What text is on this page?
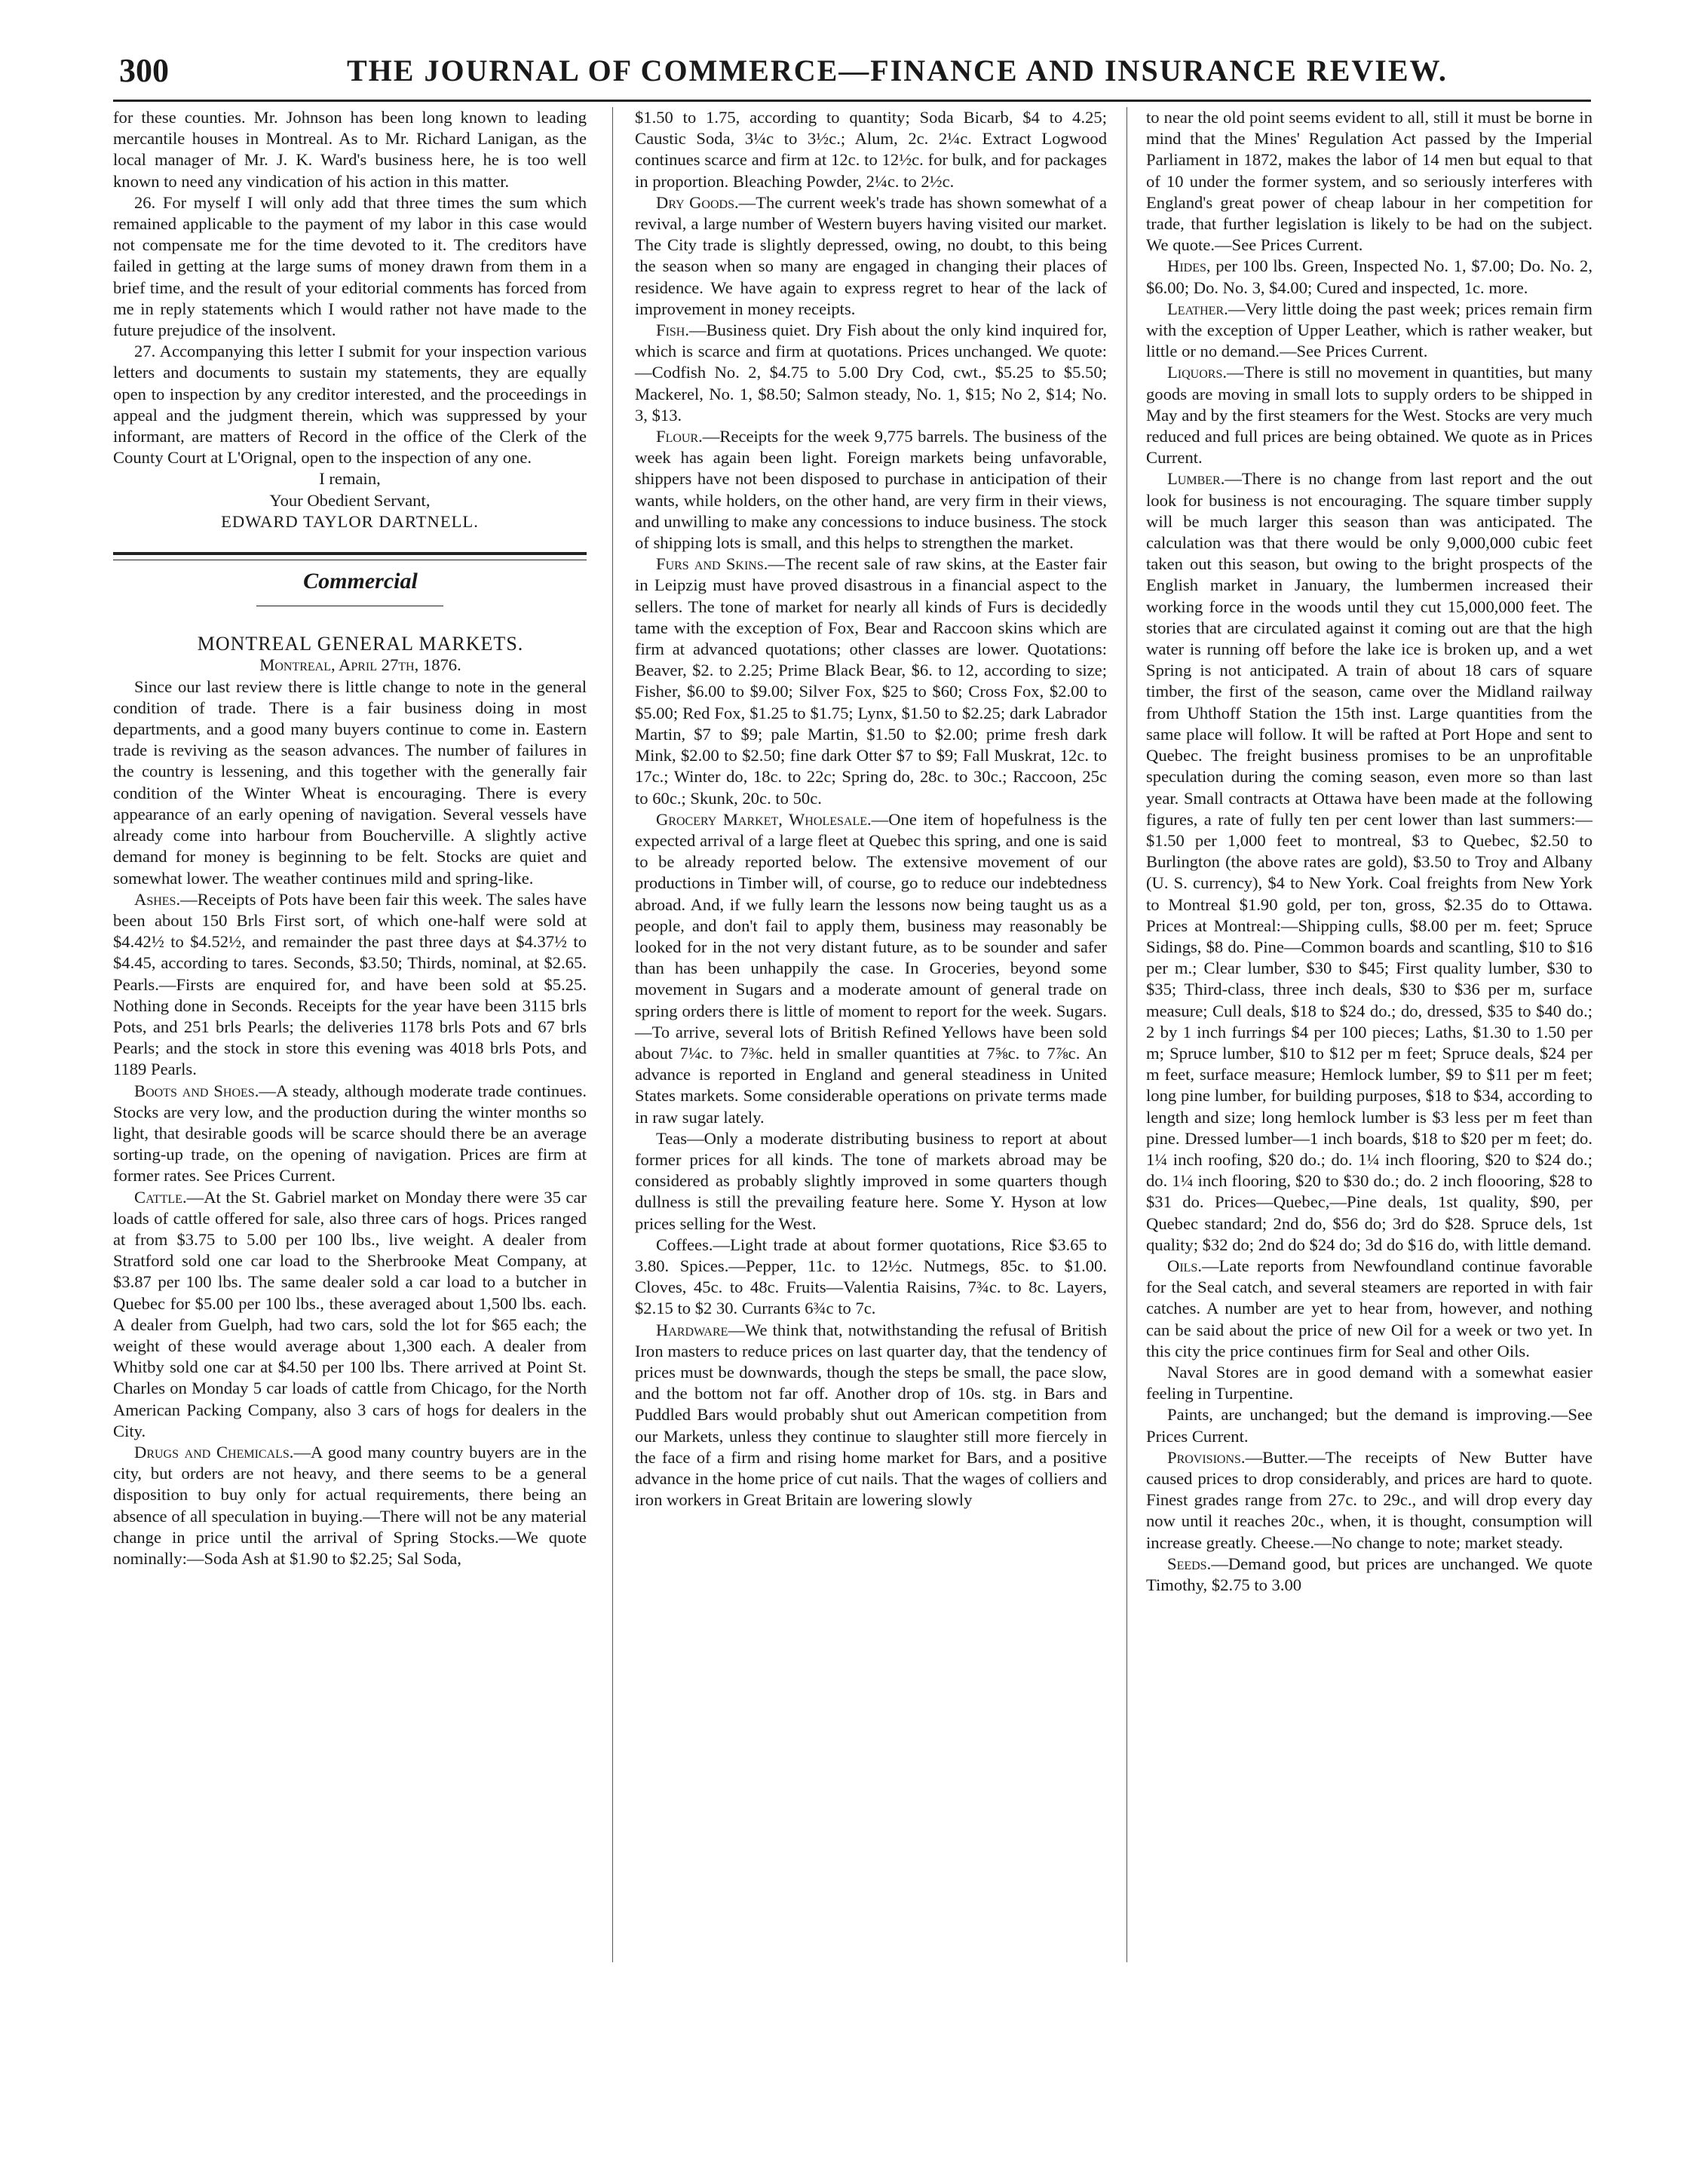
300	THE JOURNAL OF COMMERCE—FINANCE AND INSURANCE REVIEW.

for these counties. Mr. Johnson has been long known to leading mercantile houses in Montreal. As to Mr. Richard Lanigan, as the local manager of Mr. J. K. Ward's business here, he is too well known to need any vindication of his action in this matter.

26. For myself I will only add that three times the sum which remained applicable to the payment of my labor in this case would not compensate me for the time devoted to it. The creditors have failed in getting at the large sums of money drawn from them in a brief time, and the result of your editorial comments has forced from me in reply statements which I would rather not have made to the future prejudice of the insolvent.

27. Accompanying this letter I submit for your inspection various letters and documents to sustain my statements, they are equally open to inspection by any creditor interested, and the proceedings in appeal and the judgment therein, which was suppressed by your informant, are matters of Record in the office of the Clerk of the County Court at L'Orignal, open to the inspection of any one.

I remain,

Your Obedient Servant,

EDWARD TAYLOR DARTNELL.

Commercial

MONTREAL GENERAL MARKETS.

Montreal, April 27th, 1876.

Since our last review there is little change to note in the general condition of trade. There is a fair business doing in most departments, and a good many buyers continue to come in. Eastern trade is reviving as the season advances. The number of failures in the country is lessening, and this together with the generally fair condition of the Winter Wheat is encouraging. There is every appearance of an early opening of navigation. Several vessels have already come into harbour from Boucherville. A slightly active demand for money is beginning to be felt. Stocks are quiet and somewhat lower. The weather continues mild and spring-like.

Ashes.—Receipts of Pots have been fair this week. The sales have been about 150 Brls First sort, of which one-half were sold at $4.42½ to $4.52½, and remainder the past three days at $4.37½ to $4.45, according to tares. Seconds, $3.50; Thirds, nominal, at $2.65. Pearls.—Firsts are enquired for, and have been sold at $5.25. Nothing done in Seconds. Receipts for the year have been 3115 brls Pots, and 251 brls Pearls; the deliveries 1178 brls Pots and 67 brls Pearls; and the stock in store this evening was 4018 brls Pots, and 1189 Pearls.

Boots and Shoes.—A steady, although moderate trade continues. Stocks are very low, and the production during the winter months so light, that desirable goods will be scarce should there be an average sorting-up trade, on the opening of navigation. Prices are firm at former rates. See Prices Current.

Cattle.—At the St. Gabriel market on Monday there were 35 car loads of cattle offered for sale, also three cars of hogs. Prices ranged at from $3.75 to 5.00 per 100 lbs., live weight. A dealer from Stratford sold one car load to the Sherbrooke Meat Company, at $3.87 per 100 lbs. The same dealer sold a car load to a butcher in Quebec for $5.00 per 100 lbs., these averaged about 1,500 lbs. each. A dealer from Guelph, had two cars, sold the lot for $65 each; the weight of these would average about 1,300 each. A dealer from Whitby sold one car at $4.50 per 100 lbs. There arrived at Point St. Charles on Monday 5 car loads of cattle from Chicago, for the North American Packing Company, also 3 cars of hogs for dealers in the City.

Drugs and Chemicals.—A good many country buyers are in the city, but orders are not heavy, and there seems to be a general disposition to buy only for actual requirements, there being an absence of all speculation in buying.—There will not be any material change in price until the arrival of Spring Stocks.—We quote nominally:—Soda Ash at $1.90 to $2.25; Sal Soda,

$1.50 to 1.75, according to quantity; Soda Bicarb, $4 to 4.25; Caustic Soda, 3¼c to 3½c.; Alum, 2c. 2¼c. Extract Logwood continues scarce and firm at 12c. to 12½c. for bulk, and for packages in proportion. Bleaching Powder, 2¼c. to 2½c.

Dry Goods.—The current week's trade has shown somewhat of a revival, a large number of Western buyers having visited our market. The City trade is slightly depressed, owing, no doubt, to this being the season when so many are engaged in changing their places of residence. We have again to express regret to hear of the lack of improvement in money receipts.

Fish.—Business quiet. Dry Fish about the only kind inquired for, which is scarce and firm at quotations. Prices unchanged. We quote:—Codfish No. 2, $4.75 to 5.00 Dry Cod, cwt., $5.25 to $5.50; Mackerel, No. 1, $8.50; Salmon steady, No. 1, $15; No 2, $14; No. 3, $13.

Flour.—Receipts for the week 9,775 barrels. The business of the week has again been light. Foreign markets being unfavorable, shippers have not been disposed to purchase in anticipation of their wants, while holders, on the other hand, are very firm in their views, and unwilling to make any concessions to induce business. The stock of shipping lots is small, and this helps to strengthen the market.

Furs and Skins.—The recent sale of raw skins, at the Easter fair in Leipzig must have proved disastrous in a financial aspect to the sellers. The tone of market for nearly all kinds of Furs is decidedly tame with the exception of Fox, Bear and Raccoon skins which are firm at advanced quotations; other classes are lower. Quotations: Beaver, $2. to 2.25; Prime Black Bear, $6. to 12, according to size; Fisher, $6.00 to $9.00; Silver Fox, $25 to $60; Cross Fox, $2.00 to $5.00; Red Fox, $1.25 to $1.75; Lynx, $1.50 to $2.25; dark Labrador Martin, $7 to $9; pale Martin, $1.50 to $2.00; prime fresh dark Mink, $2.00 to $2.50; fine dark Otter $7 to $9; Fall Muskrat, 12c. to 17c.; Winter do, 18c. to 22c; Spring do, 28c. to 30c.; Raccoon, 25c to 60c.; Skunk, 20c. to 50c.

Grocery Market, Wholesale.—One item of hopefulness is the expected arrival of a large fleet at Quebec this spring, and one is said to be already reported below. The extensive movement of our productions in Timber will, of course, go to reduce our indebtedness abroad. And, if we fully learn the lessons now being taught us as a people, and don't fail to apply them, business may reasonably be looked for in the not very distant future, as to be sounder and safer than has been unhappily the case. In Groceries, beyond some movement in Sugars and a moderate amount of general trade on spring orders there is little of moment to report for the week. Sugars.—To arrive, several lots of British Refined Yellows have been sold about 7¼c. to 7⅜c. held in smaller quantities at 7⅝c. to 7⅞c. An advance is reported in England and general steadiness in United States markets. Some considerable operations on private terms made in raw sugar lately.

Teas—Only a moderate distributing business to report at about former prices for all kinds. The tone of markets abroad may be considered as probably slightly improved in some quarters though dullness is still the prevailing feature here. Some Y. Hyson at low prices selling for the West.

Coffees.—Light trade at about former quotations, Rice $3.65 to 3.80. Spices.—Pepper, 11c. to 12½c. Nutmegs, 85c. to $1.00. Cloves, 45c. to 48c. Fruits—Valentia Raisins, 7¾c. to 8c. Layers, $2.15 to $2 30. Currants 6¾c to 7c.

Hardware—We think that, notwithstanding the refusal of British Iron masters to reduce prices on last quarter day, that the tendency of prices must be downwards, though the steps be small, the pace slow, and the bottom not far off. Another drop of 10s. stg. in Bars and Puddled Bars would probably shut out American competition from our Markets, unless they continue to slaughter still more fiercely in the face of a firm and rising home market for Bars, and a positive advance in the home price of cut nails. That the wages of colliers and iron workers in Great Britain are lowering slowly

to near the old point seems evident to all, still it must be borne in mind that the Mines' Regulation Act passed by the Imperial Parliament in 1872, makes the labor of 14 men but equal to that of 10 under the former system, and so seriously interferes with England's great power of cheap labour in her competition for trade, that further legislation is likely to be had on the subject. We quote.—See Prices Current.

Hides, per 100 lbs. Green, Inspected No. 1, $7.00; Do. No. 2, $6.00; Do. No. 3, $4.00; Cured and inspected, 1c. more.

Leather.—Very little doing the past week; prices remain firm with the exception of Upper Leather, which is rather weaker, but little or no demand.—See Prices Current.

Liquors.—There is still no movement in quantities, but many goods are moving in small lots to supply orders to be shipped in May and by the first steamers for the West. Stocks are very much reduced and full prices are being obtained. We quote as in Prices Current.

Lumber.—There is no change from last report and the out look for business is not encouraging. The square timber supply will be much larger this season than was anticipated. The calculation was that there would be only 9,000,000 cubic feet taken out this season, but owing to the bright prospects of the English market in January, the lumbermen increased their working force in the woods until they cut 15,000,000 feet. The stories that are circulated against it coming out are that the high water is running off before the lake ice is broken up, and a wet Spring is not anticipated. A train of about 18 cars of square timber, the first of the season, came over the Midland railway from Uhthoff Station the 15th inst. Large quantities from the same place will follow. It will be rafted at Port Hope and sent to Quebec. The freight business promises to be an unprofitable speculation during the coming season, even more so than last year. Small contracts at Ottawa have been made at the following figures, a rate of fully ten per cent lower than last summers:—$1.50 per 1,000 feet to montreal, $3 to Quebec, $2.50 to Burlington (the above rates are gold), $3.50 to Troy and Albany (U. S. currency), $4 to New York. Coal freights from New York to Montreal $1.90 gold, per ton, gross, $2.35 do to Ottawa. Prices at Montreal:—Shipping culls, $8.00 per m. feet; Spruce Sidings, $8 do. Pine—Common boards and scantling, $10 to $16 per m.; Clear lumber, $30 to $45; First quality lumber, $30 to $35; Third-class, three inch deals, $30 to $36 per m, surface measure; Cull deals, $18 to $24 do.; do, dressed, $35 to $40 do.; 2 by 1 inch furrings $4 per 100 pieces; Laths, $1.30 to 1.50 per m; Spruce lumber, $10 to $12 per m feet; Spruce deals, $24 per m feet, surface measure; Hemlock lumber, $9 to $11 per m feet; long pine lumber, for building purposes, $18 to $34, according to length and size; long hemlock lumber is $3 less per m feet than pine. Dressed lumber—1 inch boards, $18 to $20 per m feet; do. 1¼ inch roofing, $20 do.; do. 1¼ inch flooring, $20 to $24 do.; do. 1¼ inch flooring, $20 to $30 do.; do. 2 inch floooring, $28 to $31 do. Prices—Quebec,—Pine deals, 1st quality, $90, per Quebec standard; 2nd do, $56 do; 3rd do $28. Spruce dels, 1st quality; $32 do; 2nd do $24 do; 3d do $16 do, with little demand.

Oils.—Late reports from Newfoundland continue favorable for the Seal catch, and several steamers are reported in with fair catches. A number are yet to hear from, however, and nothing can be said about the price of new Oil for a week or two yet. In this city the price continues firm for Seal and other Oils.

Naval Stores are in good demand with a somewhat easier feeling in Turpentine.

Paints, are unchanged; but the demand is improving.—See Prices Current.

Provisions.—Butter.—The receipts of New Butter have caused prices to drop considerably, and prices are hard to quote. Finest grades range from 27c. to 29c., and will drop every day now until it reaches 20c., when, it is thought, consumption will increase greatly. Cheese.—No change to note; market steady.

Seeds.—Demand good, but prices are unchanged. We quote Timothy, $2.75 to 3.00
